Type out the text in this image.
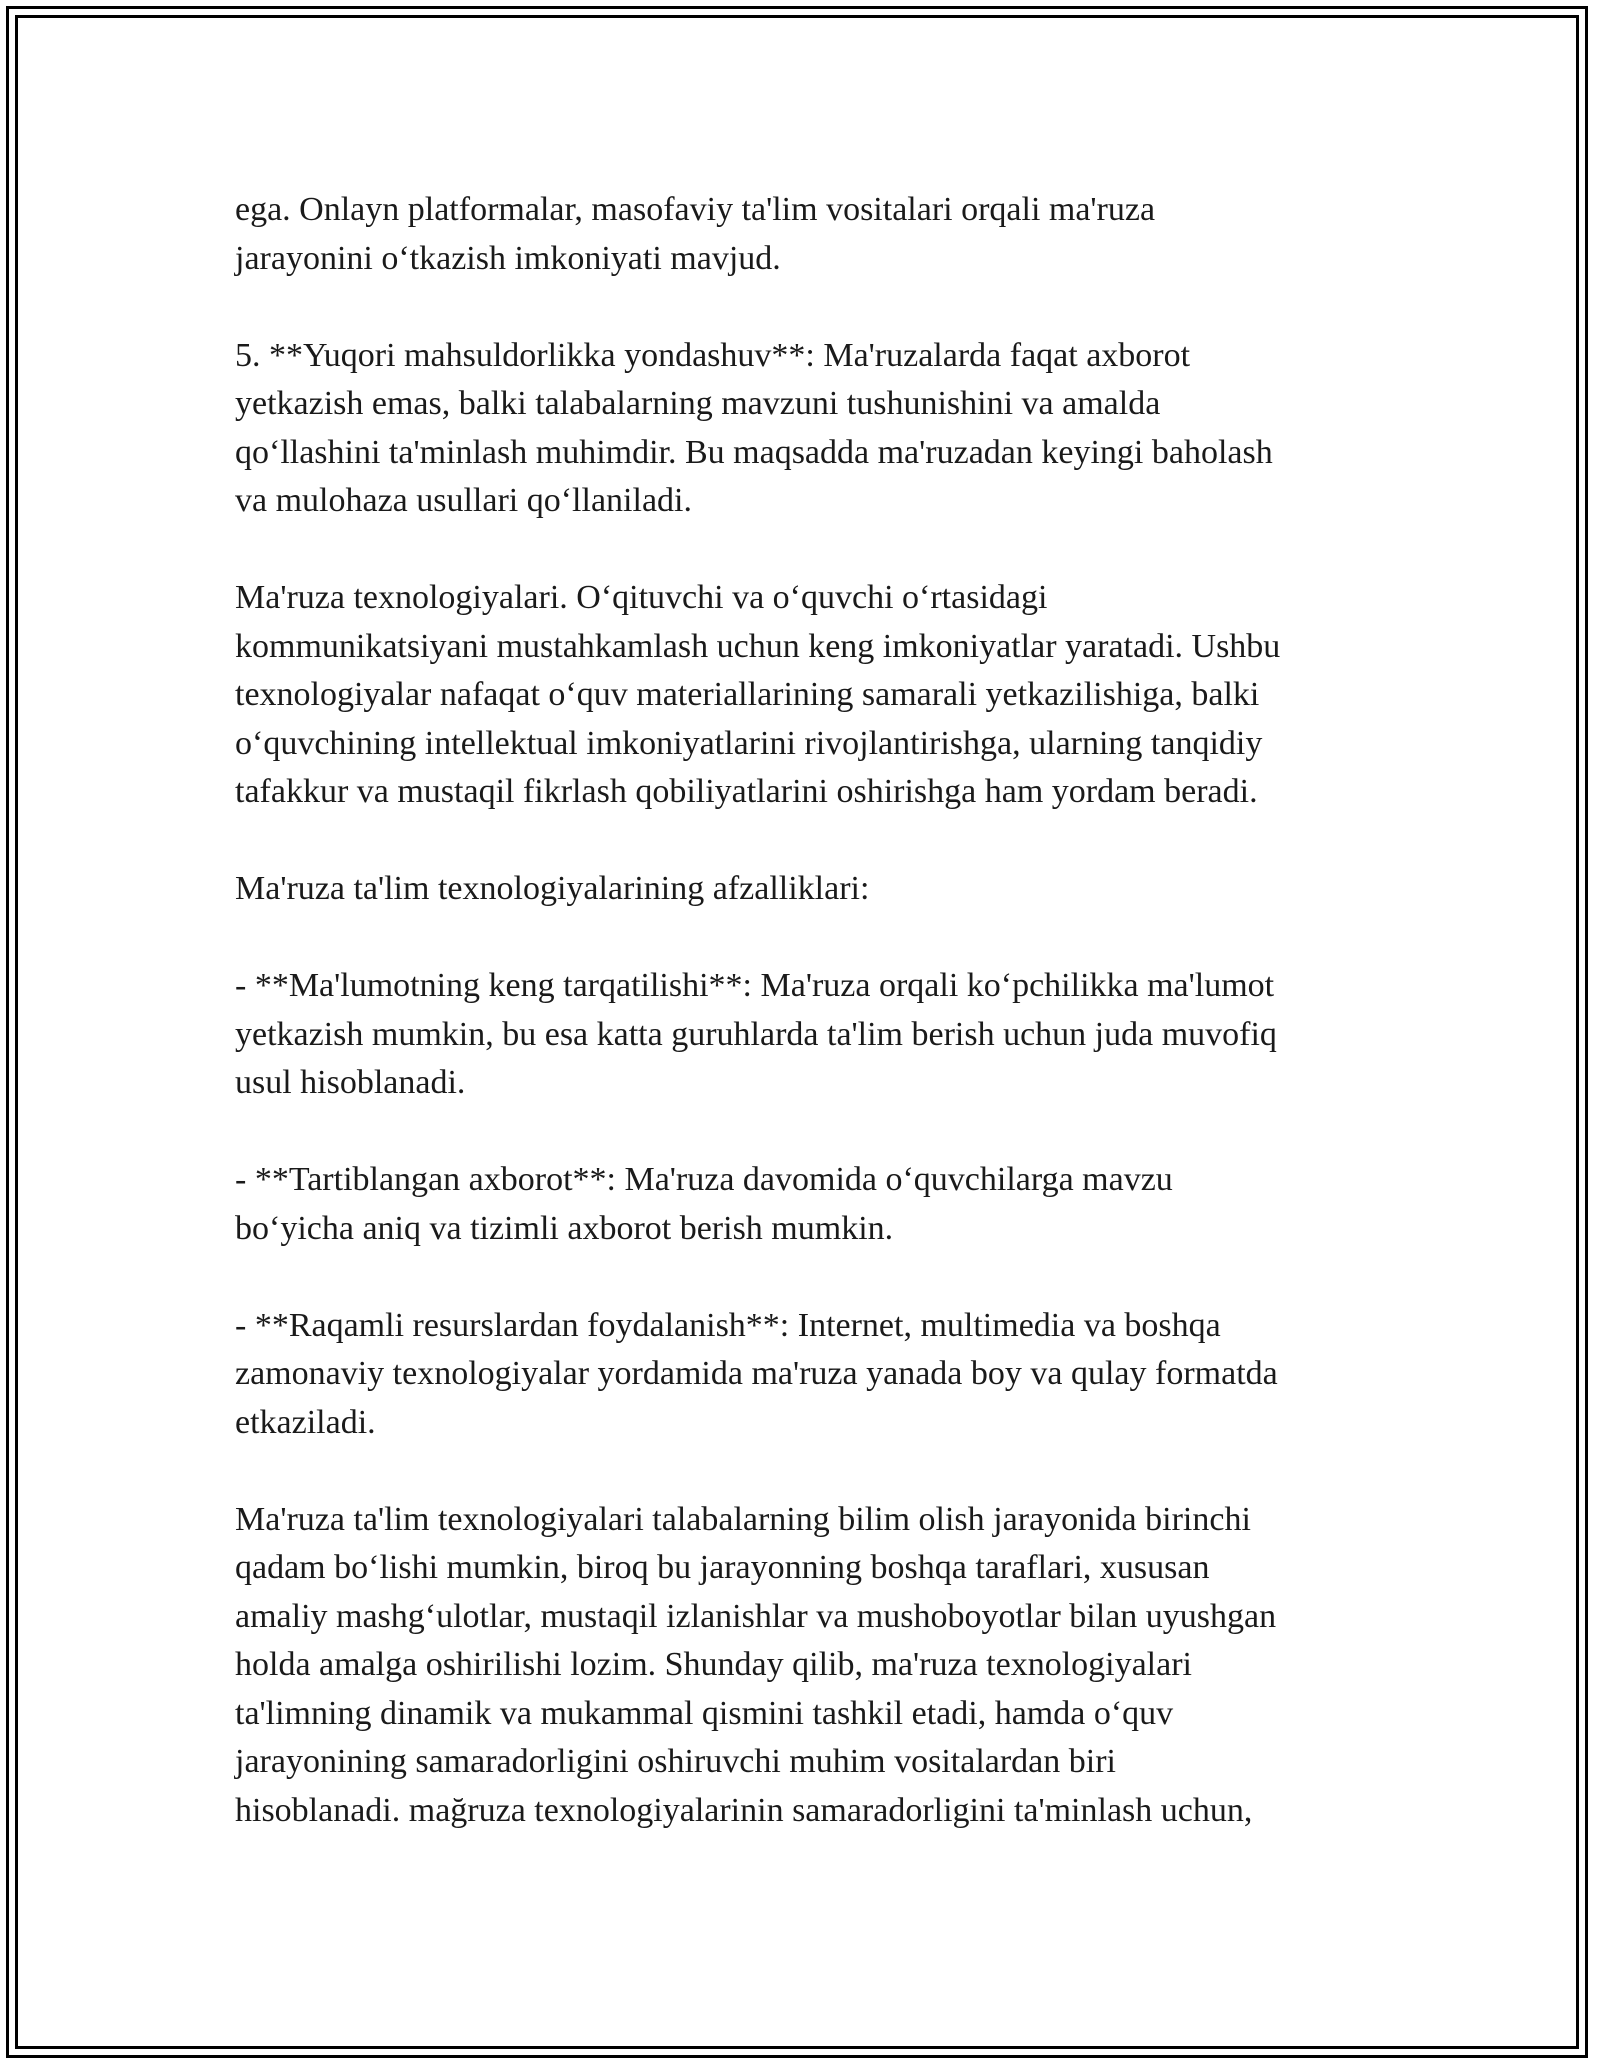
ega. Onlayn platformalar, masofaviy ta'lim vositalari orqali ma'ruza
jarayonini o‘tkazish imkoniyati mavjud.

5. **Yuqori mahsuldorlikka yondashuv**: Ma'ruzalarda faqat axborot
yetkazish emas, balki talabalarning mavzuni tushunishini va amalda
qo‘llashini ta'minlash muhimdir. Bu maqsadda ma'ruzadan keyingi baholash
va mulohaza usullari qo‘llaniladi.

Ma'ruza texnologiyalari. O‘qituvchi va o‘quvchi o‘rtasidagi
kommunikatsiyani mustahkamlash uchun keng imkoniyatlar yaratadi. Ushbu
texnologiyalar nafaqat o‘quv materiallarining samarali yetkazilishiga, balki
o‘quvchining intellektual imkoniyatlarini rivojlantirishga, ularning tanqidiy
tafakkur va mustaqil fikrlash qobiliyatlarini oshirishga ham yordam beradi.

Ma'ruza ta'lim texnologiyalarining afzalliklari:

- **Ma'lumotning keng tarqatilishi**: Ma'ruza orqali ko‘pchilikka ma'lumot
yetkazish mumkin, bu esa katta guruhlarda ta'lim berish uchun juda muvofiq
usul hisoblanadi.

- **Tartiblangan axborot**: Ma'ruza davomida o‘quvchilarga mavzu
bo‘yicha aniq va tizimli axborot berish mumkin.

- **Raqamli resurslardan foydalanish**: Internet, multimedia va boshqa
zamonaviy texnologiyalar yordamida ma'ruza yanada boy va qulay formatda
etkaziladi.

Ma'ruza ta'lim texnologiyalari talabalarning bilim olish jarayonida birinchi
qadam bo‘lishi mumkin, biroq bu jarayonning boshqa taraflari, xususan
amaliy mashg‘ulotlar, mustaqil izlanishlar va mushoboyotlar bilan uyushgan
holda amalga oshirilishi lozim. Shunday qilib, ma'ruza texnologiyalari
ta'limning dinamik va mukammal qismini tashkil etadi, hamda o‘quv
jarayonining samaradorligini oshiruvchi muhim vositalardan biri
hisoblanadi. mağruza texnologiyalarinin samaradorligini ta'minlash uchun,
